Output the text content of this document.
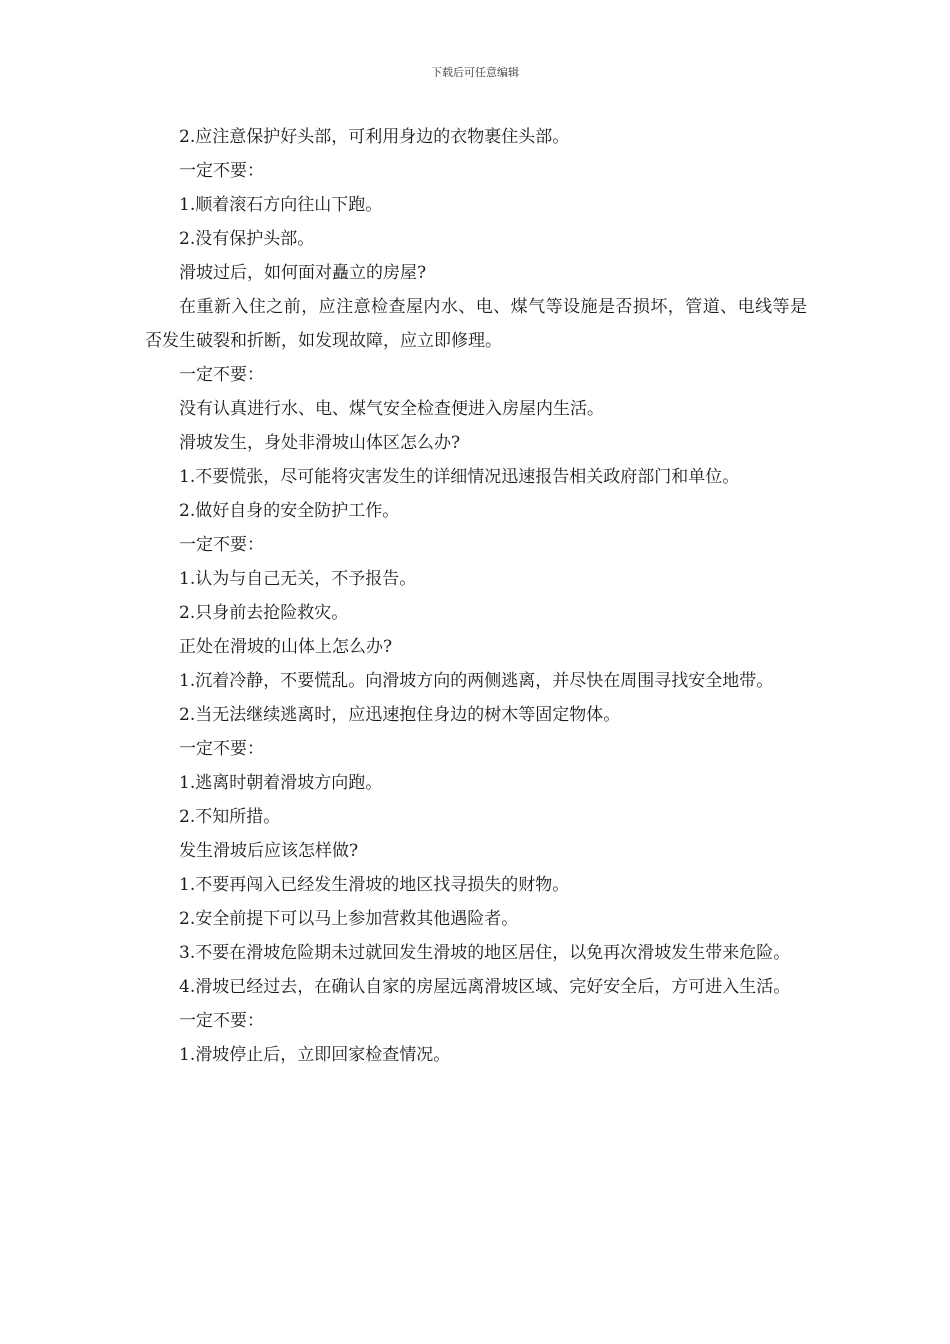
下载后可任意编辑

2.应注意保护好头部，可利用身边的衣物裹住头部。

一定不要：

1.顺着滚石方向往山下跑。

2.没有保护头部。

滑坡过后，如何面对矗立的房屋?

在重新入住之前，应注意检查屋内水、电、煤气等设施是否损坏，管道、电线等是否发生破裂和折断，如发现故障，应立即修理。

一定不要：

没有认真进行水、电、煤气安全检查便进入房屋内生活。

滑坡发生，身处非滑坡山体区怎么办?

1.不要慌张，尽可能将灾害发生的详细情况迅速报告相关政府部门和单位。

2.做好自身的安全防护工作。

一定不要：

1.认为与自己无关，不予报告。

2.只身前去抢险救灾。

正处在滑坡的山体上怎么办?

1.沉着冷静，不要慌乱。向滑坡方向的两侧逃离，并尽快在周围寻找安全地带。

2.当无法继续逃离时，应迅速抱住身边的树木等固定物体。

一定不要：

1.逃离时朝着滑坡方向跑。

2.不知所措。

发生滑坡后应该怎样做?

1.不要再闯入已经发生滑坡的地区找寻损失的财物。

2.安全前提下可以马上参加营救其他遇险者。

3.不要在滑坡危险期未过就回发生滑坡的地区居住，以免再次滑坡发生带来危险。

4.滑坡已经过去，在确认自家的房屋远离滑坡区域、完好安全后，方可进入生活。

一定不要：

1.滑坡停止后，立即回家检查情况。
